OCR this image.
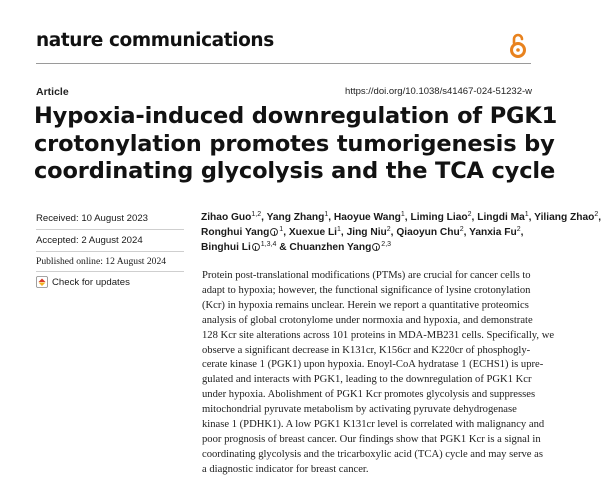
nature communications
Article	https://doi.org/10.1038/s41467-024-51232-w
Hypoxia-induced downregulation of PGK1
crotonylation promotes tumorigenesis by
coordinating glycolysis and the TCA cycle
Received: 10 August 2023
Accepted: 2 August 2024
Published online: 12 August 2024
Check for updates
Zihao Guo$^{1,2}$, Yang Zhang$^1$, Haoyue Wang$^1$, Liming Liao$^2$, Lingdi Ma$^1$, Yiliang Zhao$^2$,
Ronghui Yang $^1$, Xuexue Li$^1$, Jing Niu$^2$, Qiaoyun Chu$^2$, Yanxia Fu$^2$,
Binghui Li $^{1,3,4}$ & Chuanzhen Yang $^{2,3}$
Protein post-translational modifications (PTMs) are crucial for cancer cells to
adapt to hypoxia; however, the functional significance of lysine crotonylation
(Kcr) in hypoxia remains unclear. Herein we report a quantitative proteomics
analysis of global crotonylome under normoxia and hypoxia, and demonstrate
128 Kcr site alterations across 101 proteins in MDA-MB231 cells. Specifically, we
observe a significant decrease in K131cr, K156cr and K220cr of phosphogly-
cerate kinase 1 (PGK1) upon hypoxia. Enoyl-CoA hydratase 1 (ECHS1) is upre-
gulated and interacts with PGK1, leading to the downregulation of PGK1 Kcr
under hypoxia. Abolishment of PGK1 Kcr promotes glycolysis and suppresses
mitochondrial pyruvate metabolism by activating pyruvate dehydrogenase
kinase 1 (PDHK1). A low PGK1 K131cr level is correlated with malignancy and
poor prognosis of breast cancer. Our findings show that PGK1 Kcr is a signal in
coordinating glycolysis and the tricarboxylic acid (TCA) cycle and may serve as
a diagnostic indicator for breast cancer.
